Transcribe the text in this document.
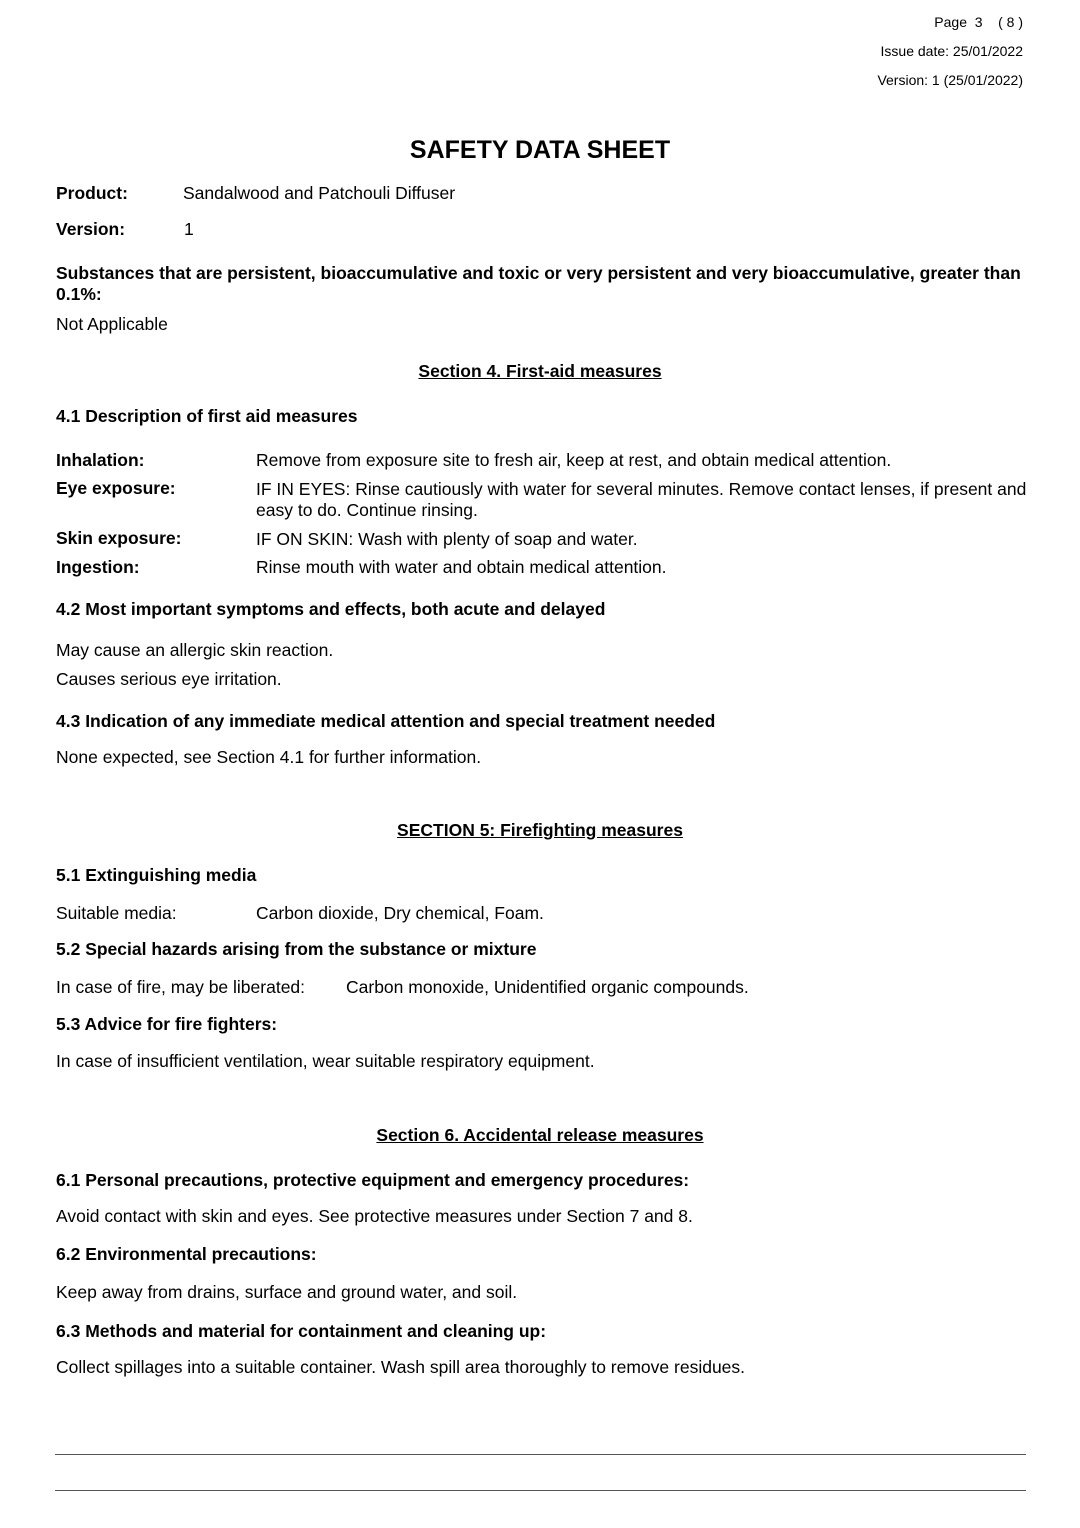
Page  3    ( 8 )
Issue date: 25/01/2022
Version: 1 (25/01/2022)
SAFETY DATA SHEET
Product:	Sandalwood and Patchouli Diffuser
Version:	1
Substances that are persistent, bioaccumulative and toxic or very persistent and very bioaccumulative, greater than 0.1%:
Not Applicable
Section 4. First-aid measures
4.1 Description of first aid measures
Inhalation:	Remove from exposure site to fresh air, keep at rest, and obtain medical attention.
Eye exposure:	IF IN EYES: Rinse cautiously with water for several minutes. Remove contact lenses, if present and easy to do. Continue rinsing.
Skin exposure:	IF ON SKIN: Wash with plenty of soap and water.
Ingestion:	Rinse mouth with water and obtain medical attention.
4.2 Most important symptoms and effects, both acute and delayed
May cause an allergic skin reaction.
Causes serious eye irritation.
4.3 Indication of any immediate medical attention and special treatment needed
None expected, see Section 4.1 for further information.
SECTION 5: Firefighting measures
5.1 Extinguishing media
Suitable media:	Carbon dioxide, Dry chemical, Foam.
5.2 Special hazards arising from the substance or mixture
In case of fire, may be liberated: Carbon monoxide, Unidentified organic compounds.
5.3 Advice for fire fighters:
In case of insufficient ventilation, wear suitable respiratory equipment.
Section 6. Accidental release measures
6.1 Personal precautions, protective equipment and emergency procedures:
Avoid contact with skin and eyes. See protective measures under Section 7 and 8.
6.2 Environmental precautions:
Keep away from drains, surface and ground water, and soil.
6.3 Methods and material for containment and cleaning up:
Collect spillages into a suitable container. Wash spill area thoroughly to remove residues.
